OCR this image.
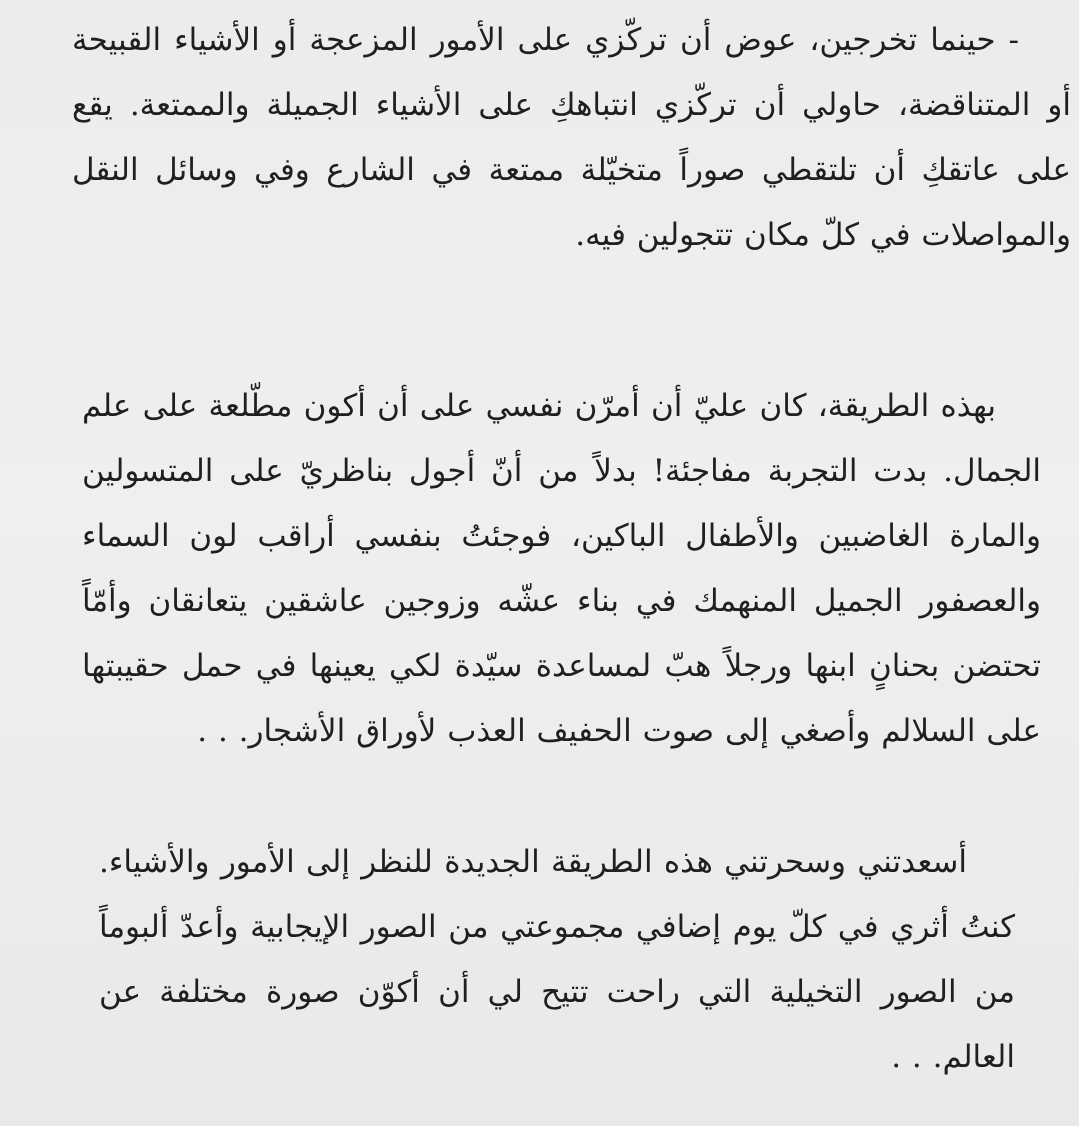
- حينما تخرجين، عوض أن تركّزي على الأمور المزعجة أو الأشياء القبيحة أو المتناقضة، حاولي أن تركّزي انتباهكِ على الأشياء الجميلة والممتعة. يقع على عاتقكِ أن تلتقطي صوراً متخيّلة ممتعة في الشارع وفي وسائل النقل والمواصلات في كلّ مكان تتجولين فيه.

بهذه الطريقة، كان عليّ أن أمرّن نفسي على أن أكون مطّلعة على علم الجمال. بدت التجربة مفاجئة! بدلاً من أنّ أجول بناظريّ على المتسولين والمارة الغاضبين والأطفال الباكين، فوجئتُ بنفسي أراقب لون السماء والعصفور الجميل المنهمك في بناء عشّه وزوجين عاشقين يتعانقان وأمّاً تحتضن بحنانٍ ابنها ورجلاً هبّ لمساعدة سيّدة لكي يعينها في حمل حقيبتها على السلالم وأصغي إلى صوت الحفيف العذب لأوراق الأشجار. . .

أسعدتني وسحرتني هذه الطريقة الجديدة للنظر إلى الأمور والأشياء. كنتُ أثري في كلّ يوم إضافي مجموعتي من الصور الإيجابية وأعدّ ألبوماً من الصور التخيلية التي راحت تتيح لي أن أكوّن صورة مختلفة عن العالم. . .
